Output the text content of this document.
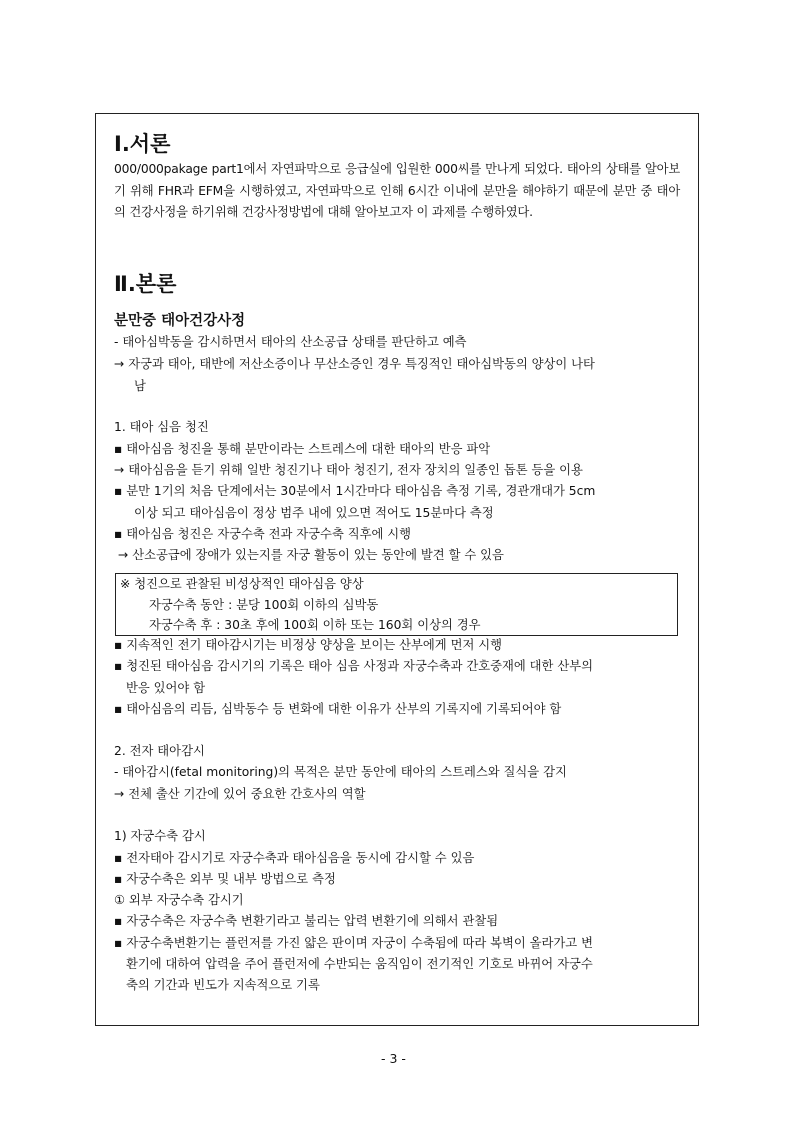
Ⅰ.서론
000/000pakage part1에서 자연파막으로 응급실에 입원한 000씨를 만나게 되었다. 태아의 상태를 알아보기 위해 FHR과 EFM을 시행하였고, 자연파막으로 인해 6시간 이내에 분만을 해야하기 때문에 분만 중 태아의 건강사정을 하기위해 건강사정방법에 대해 알아보고자 이 과제를 수행하였다.
Ⅱ.본론
분만중 태아건강사정
- 태아심박동을 감시하면서 태아의 산소공급 상태를 판단하고 예측
→ 자궁과 태아, 태반에 저산소증이나 무산소증인 경우 특징적인 태아심박동의 양상이 나타
남
1. 태아 심음 청진
▪ 태아심음 청진을 통해 분만이라는 스트레스에 대한 태아의 반응 파악
→ 태아심음을 듣기 위해 일반 청진기나 태아 청진기, 전자 장치의 일종인 돕톤 등을 이용
▪ 분만 1기의 처음 단계에서는 30분에서 1시간마다 태아심음 측정 기록, 경관개대가 5cm
이상 되고 태아심음이 정상 범주 내에 있으면 적어도 15분마다 측정
▪ 태아심음 청진은 자궁수축 전과 자궁수축 직후에 시행
→ 산소공급에 장애가 있는지를 자궁 활동이 있는 동안에 발견 할 수 있음
※ 청진으로 관찰된 비성상적인 태아심음 양상
자궁수축 동안 : 분당 100회 이하의 심박동
자궁수축 후 : 30초 후에 100회 이하 또는 160회 이상의 경우
▪ 지속적인 전기 태아감시기는 비정상 양상을 보이는 산부에게 먼저 시행
▪ 청진된 태아심음 감시기의 기록은 태아 심음 사정과 자궁수축과 간호중재에 대한 산부의
반응 있어야 함
▪ 태아심음의 리듬, 심박동수 등 변화에 대한 이유가 산부의 기록지에 기록되어야 함
2. 전자 태아감시
- 태아감시(fetal monitoring)의 목적은 분만 동안에 태아의 스트레스와 질식을 감지
→ 전체 출산 기간에 있어 중요한 간호사의 역할
1) 자궁수축 감시
▪ 전자태아 감시기로 자궁수축과 태아심음을 동시에 감시할 수 있음
▪ 자궁수축은 외부 및 내부 방법으로 측정
① 외부 자궁수축 감시기
▪ 자궁수축은 자궁수축 변환기라고 불리는 압력 변환기에 의해서 관찰됨
▪ 자궁수축변환기는 플런저를 가진 얇은 판이며 자궁이 수축됨에 따라 복벽이 올라가고 변
환기에 대하여 압력을 주어 플런저에 수반되는 움직임이 전기적인 기호로 바뀌어 자궁수
축의 기간과 빈도가 지속적으로 기록
- 3 -
